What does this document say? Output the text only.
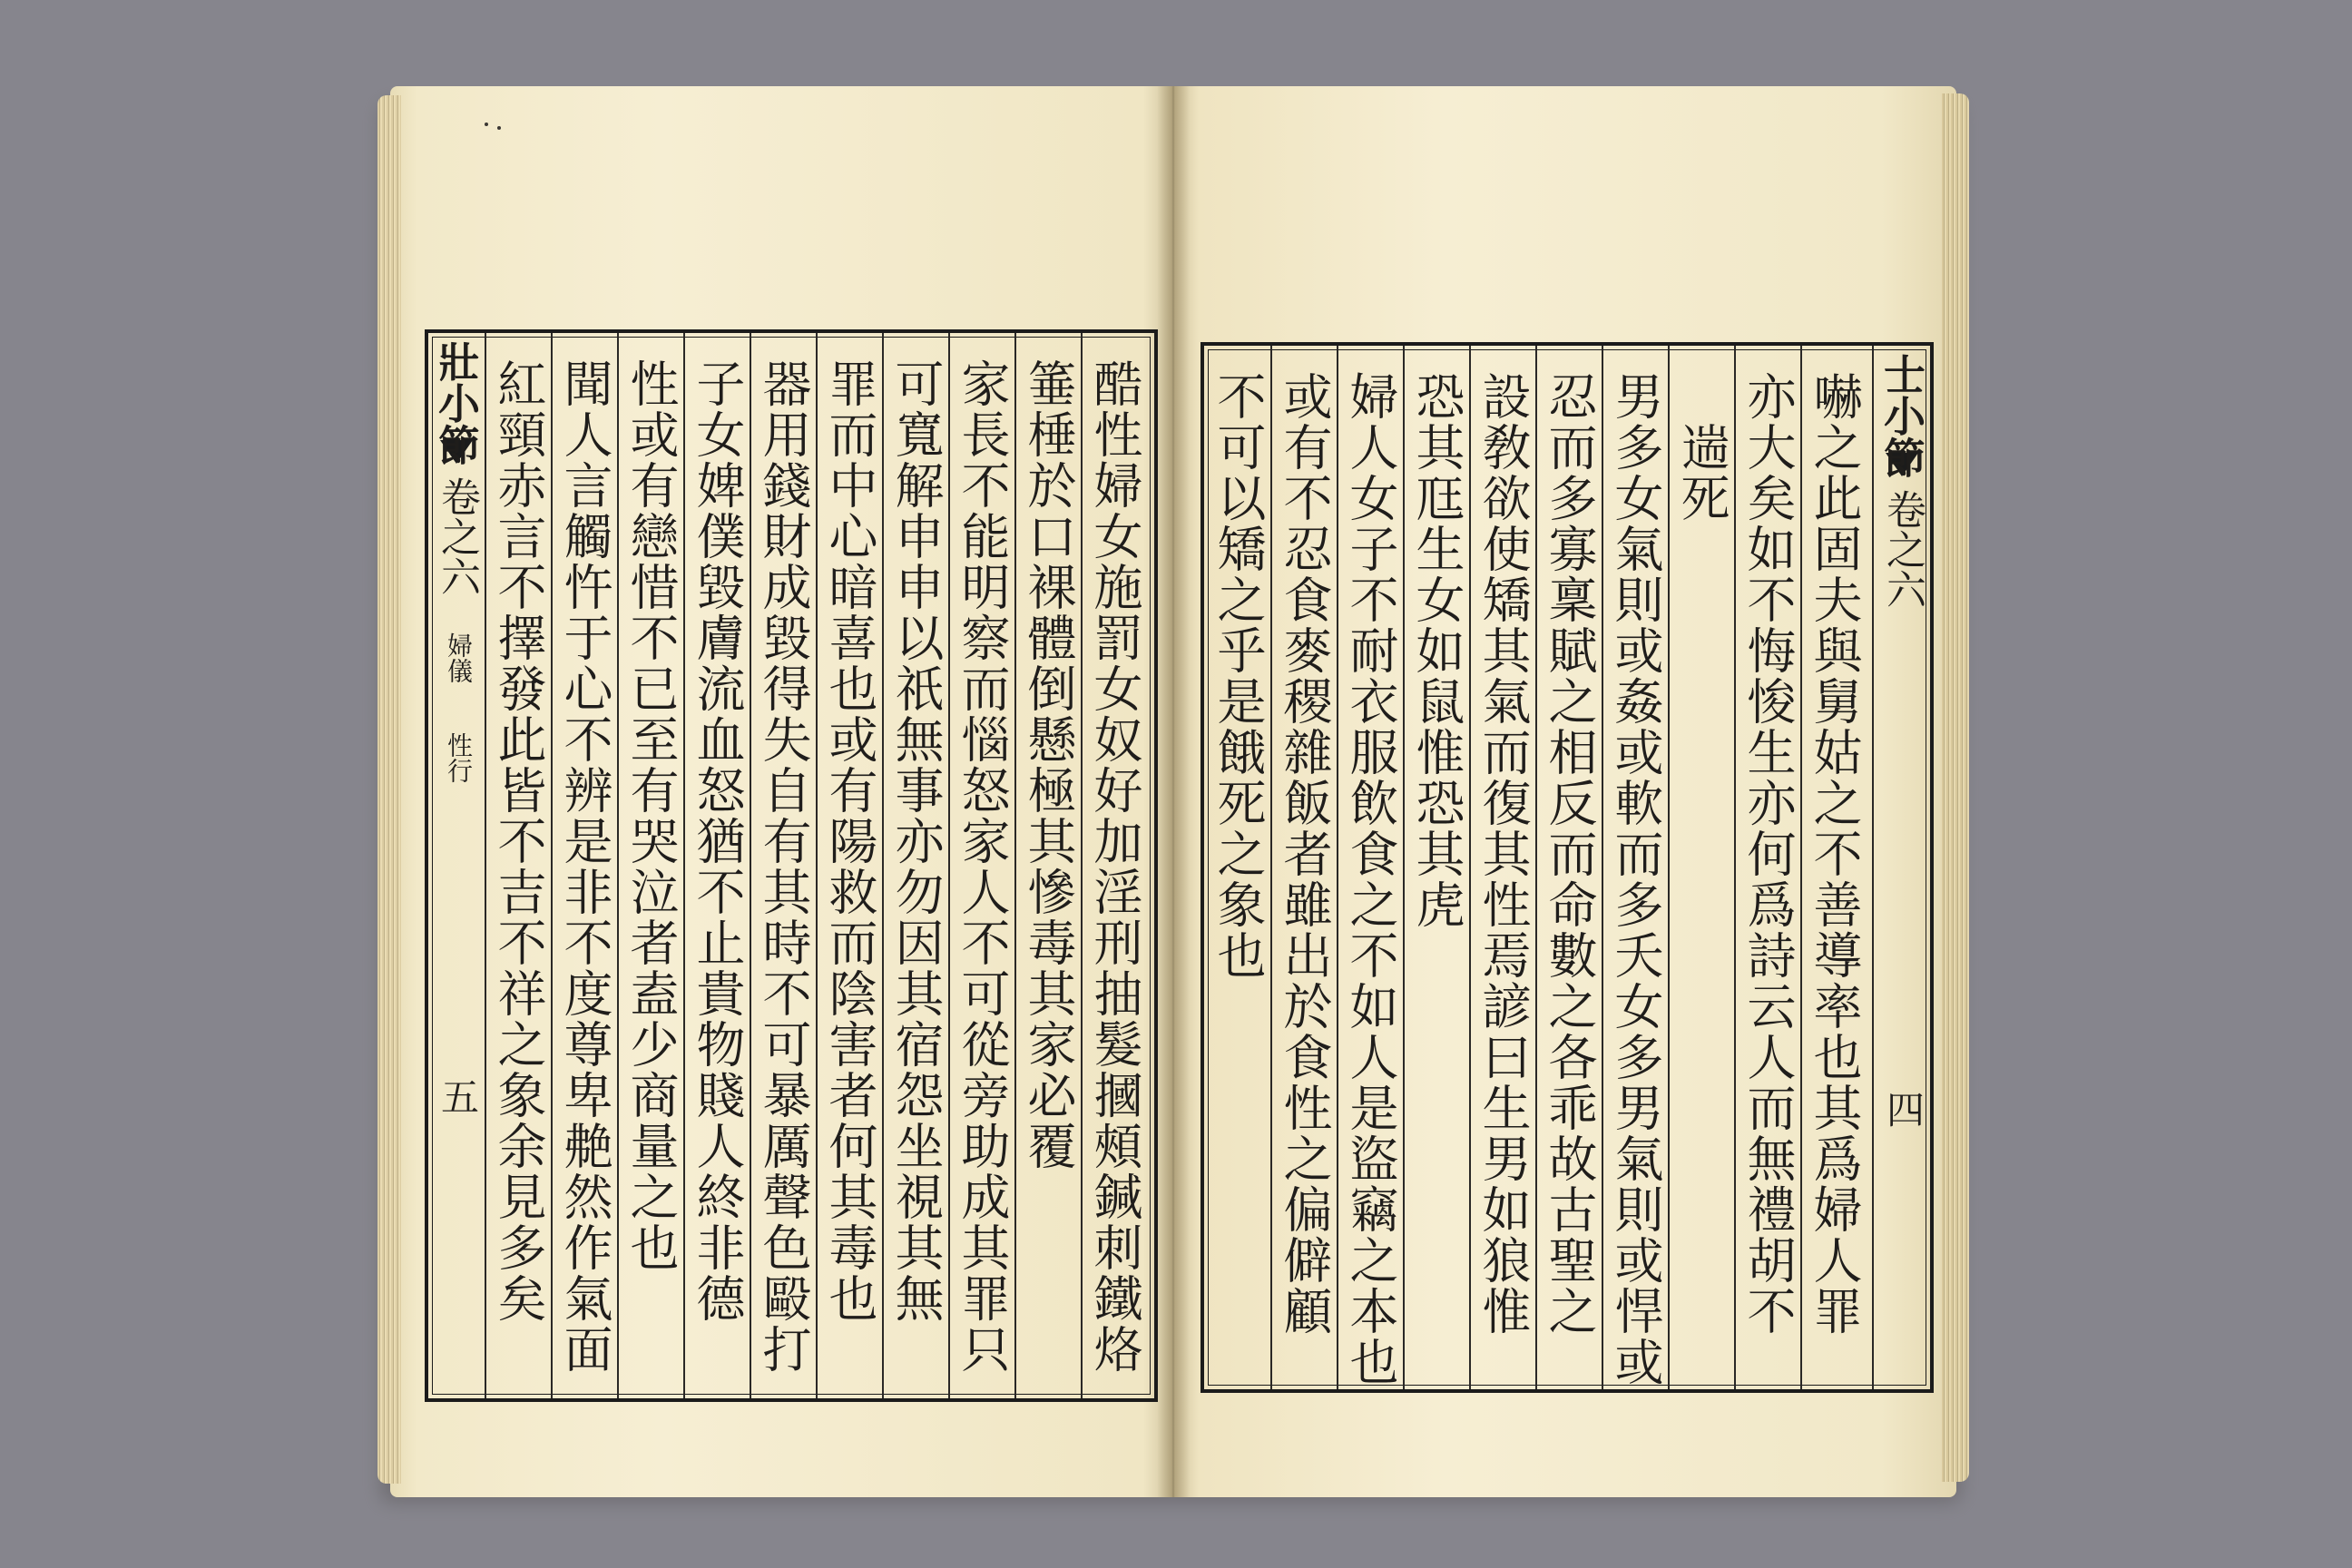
壯小節
卷之六
婦儀
性行
五 紅頸赤言不擇發此皆不吉不祥之象余見多矣 聞人言觸忤于心不辨是非不度尊卑艴然作氣面 性或有戀惜不已至有哭泣者盍少商量之也 子女婢僕毀膚流血怒猶不止貴物賤人終非德 器用錢財成毀得失自有其時不可暴厲聲色毆打 罪而中心暗喜也或有陽救而陰害者何其毒也 可寬解申申以祇無事亦勿因其宿怨坐視其無 家長不能明察而惱怒家人不可從旁助成其罪只 箠棰於口裸體倒懸極其慘毒其家必覆 酷性婦女施罰女奴好加淫刑抽髮摑頰鍼刺鐵烙 不可以矯之乎是餓死之象也 或有不忍食麥稷雜飯者雖出於食性之偏僻顧 婦人女子不耐衣服飲食之不如人是盜竊之本也 恐其尫生女如鼠惟恐其虎 設敎欲使矯其氣而復其性焉諺曰生男如狼惟 忍而多寡稟賦之相反而命數之各乖故古聖之 男多女氣則或姦或軟而多夭女多男氣則或悍或 遄死 亦大矣如不悔悛生亦何爲詩云人而無禮胡不 嚇之此固夫與舅姑之不善導率也其爲婦人罪 士小節
卷之六
四
